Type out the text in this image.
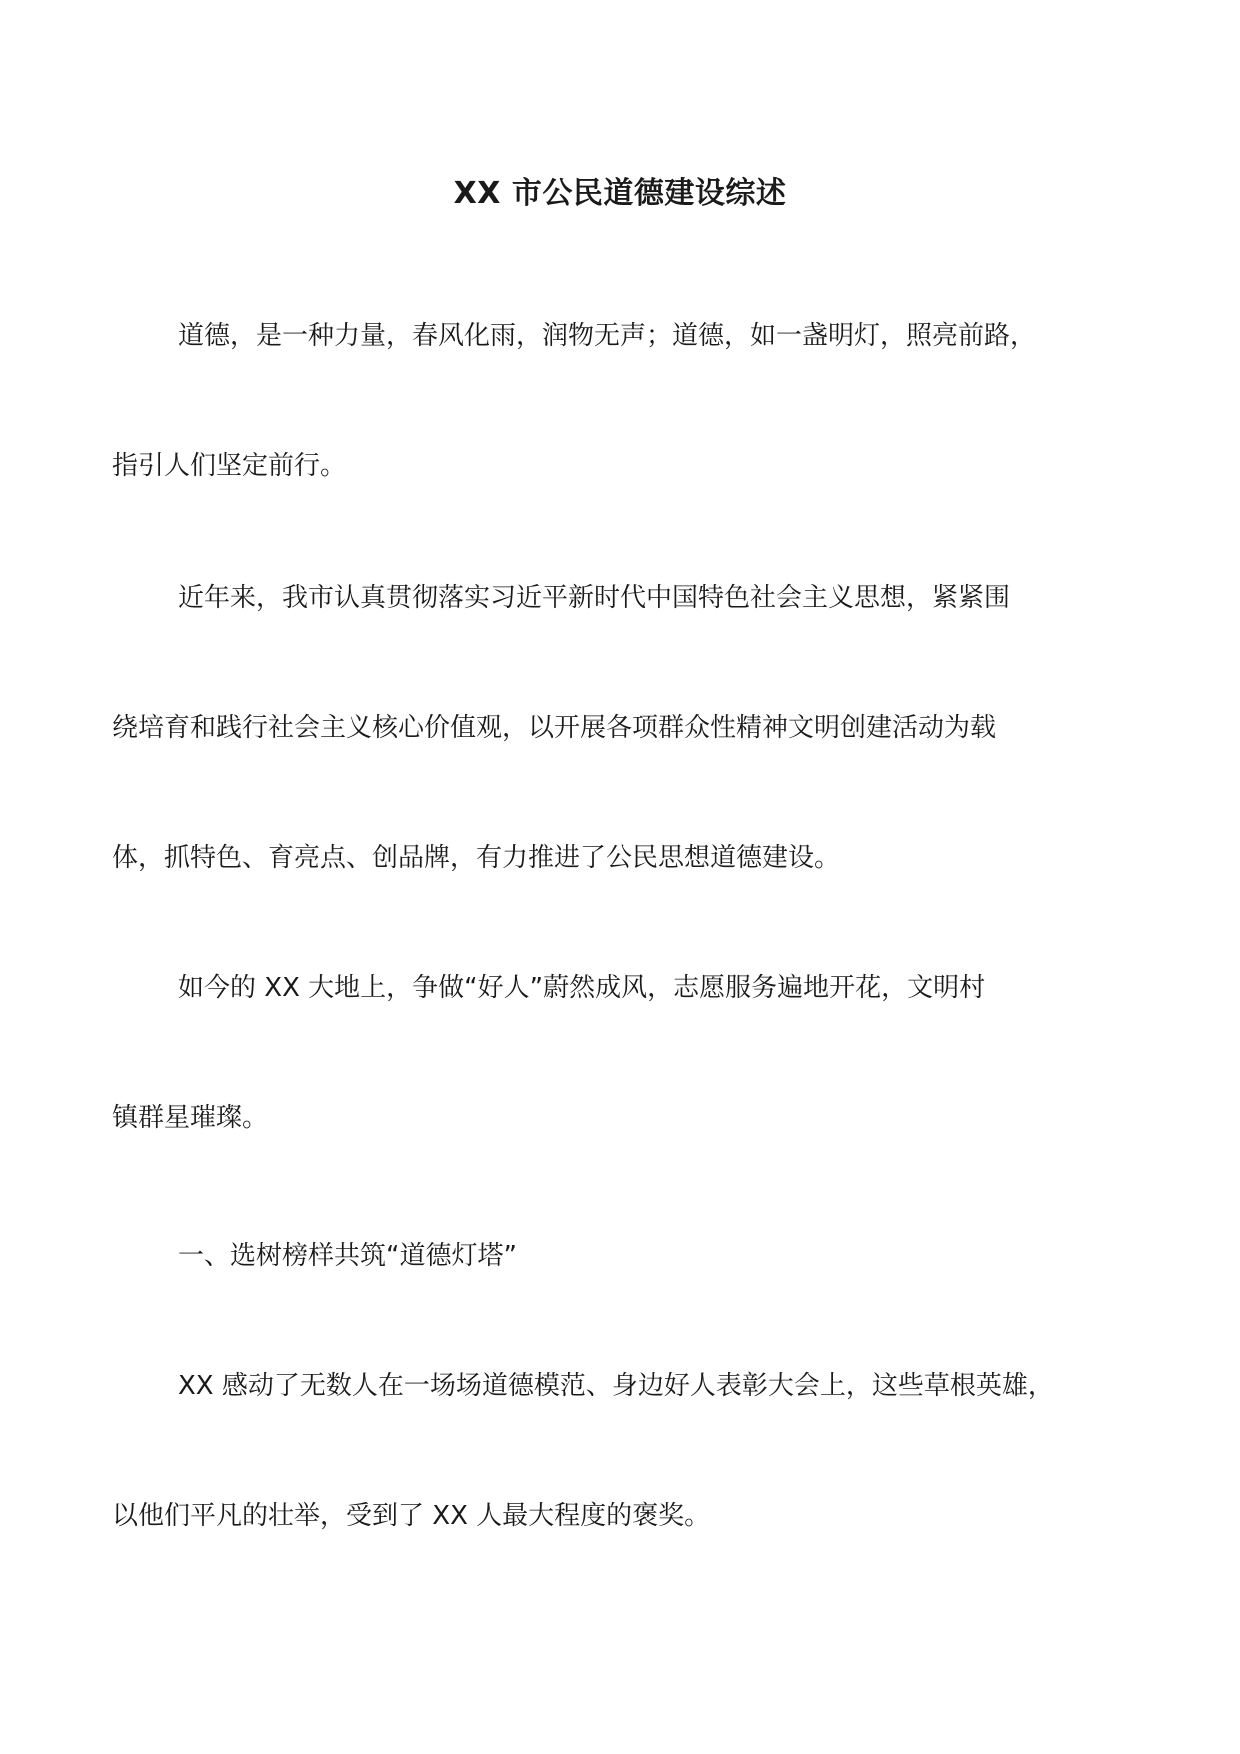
XX 市公民道德建设综述
道德，是一种力量，春风化雨，润物无声；道德，如一盏明灯，照亮前路，
指引人们坚定前行。
近年来，我市认真贯彻落实习近平新时代中国特色社会主义思想，紧紧围
绕培育和践行社会主义核心价值观，以开展各项群众性精神文明创建活动为载
体，抓特色、育亮点、创品牌，有力推进了公民思想道德建设。
如今的 XX 大地上，争做“好人”蔚然成风，志愿服务遍地开花，文明村
镇群星璀璨。
一、选树榜样共筑“道德灯塔”
XX 感动了无数人在一场场道德模范、身边好人表彰大会上，这些草根英雄，
以他们平凡的壮举，受到了 XX 人最大程度的褒奖。
